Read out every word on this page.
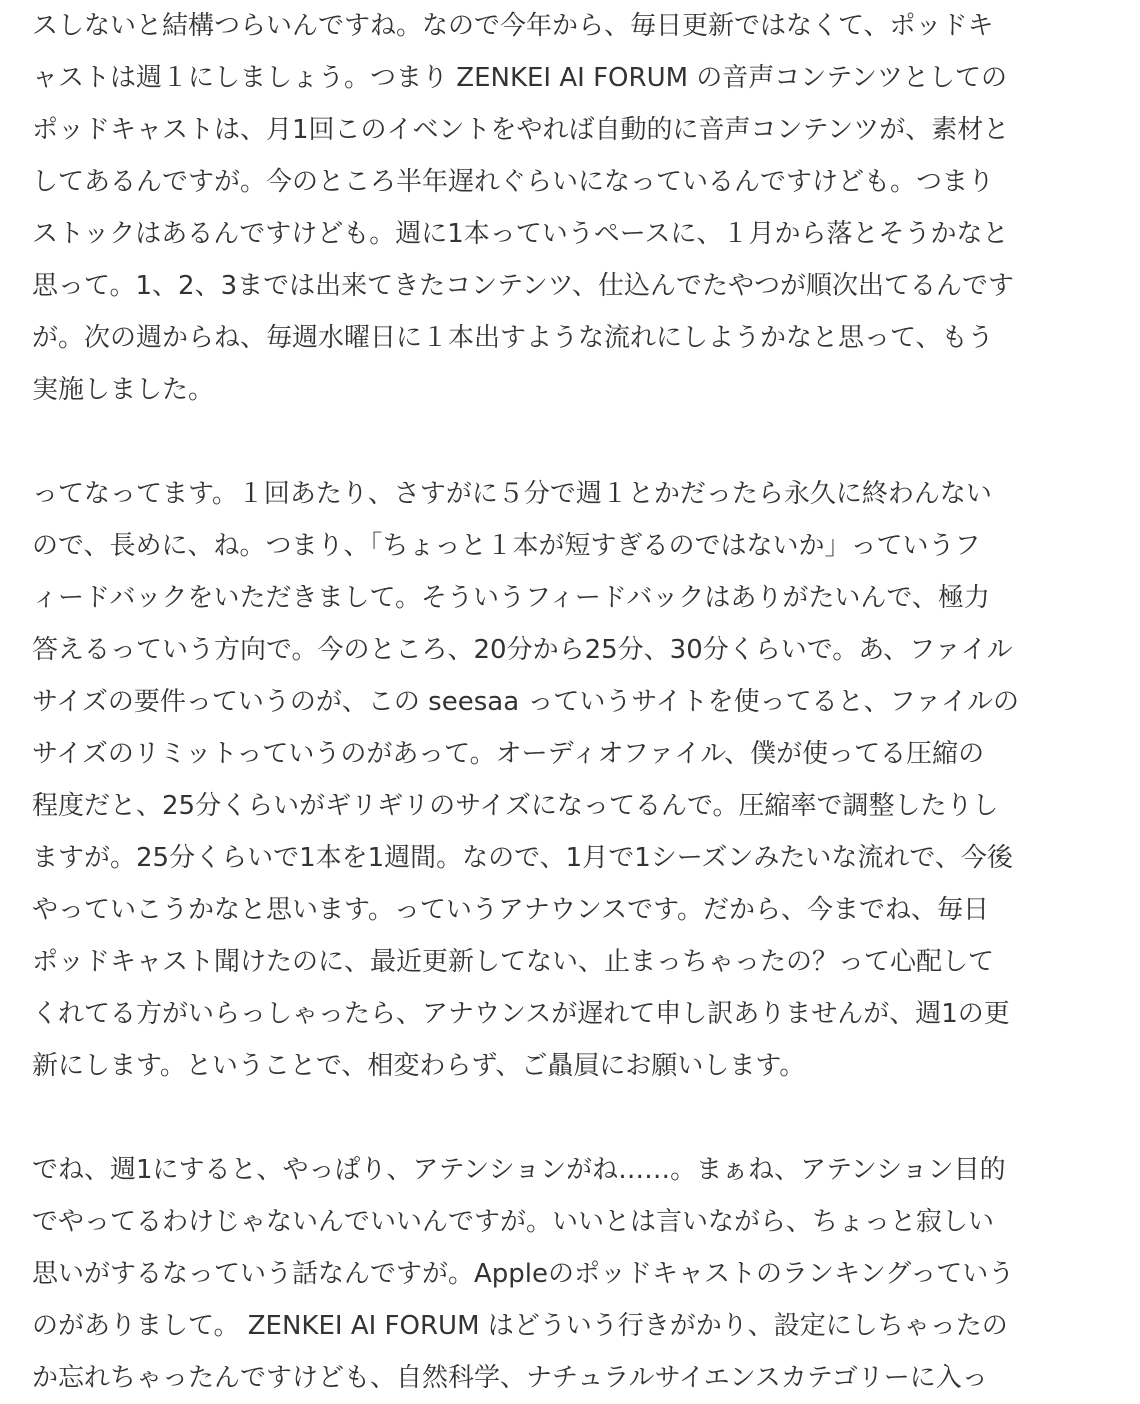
スしないと結構つらいんですね。なので今年から、毎日更新ではなくて、ポッドキ
ャストは週１にしましょう。つまり ZENKEI AI FORUM の音声コンテンツとしての
ポッドキャストは、月1回このイベントをやれば自動的に音声コンテンツが、素材と
してあるんですが。今のところ半年遅れぐらいになっているんですけども。つまり
ストックはあるんですけども。週に1本っていうペースに、１月から落とそうかなと
思って。1、2、3までは出来てきたコンテンツ、仕込んでたやつが順次出てるんです
が。次の週からね、毎週水曜日に１本出すような流れにしようかなと思って、もう
実施しました。

ってなってます。１回あたり、さすがに５分で週１とかだったら永久に終わんない
ので、長めに、ね。つまり、「ちょっと１本が短すぎるのではないか」っていうフ
ィードバックをいただきまして。そういうフィードバックはありがたいんで、極力
答えるっていう方向で。今のところ、20分から25分、30分くらいで。あ、ファイル
サイズの要件っていうのが、この seesaa っていうサイトを使ってると、ファイルの
サイズのリミットっていうのがあって。オーディオファイル、僕が使ってる圧縮の
程度だと、25分くらいがギリギリのサイズになってるんで。圧縮率で調整したりし
ますが。25分くらいで1本を1週間。なので、1月で1シーズンみたいな流れで、今後
やっていこうかなと思います。っていうアナウンスです。だから、今までね、毎日
ポッドキャスト聞けたのに、最近更新してない、止まっちゃったの？って心配して
くれてる方がいらっしゃったら、アナウンスが遅れて申し訳ありませんが、週1の更
新にします。ということで、相変わらず、ご贔屓にお願いします。

でね、週1にすると、やっぱり、アテンションがね……。まぁね、アテンション目的
でやってるわけじゃないんでいいんですが。いいとは言いながら、ちょっと寂しい
思いがするなっていう話なんですが。Appleのポッドキャストのランキングっていう
のがありまして。 ZENKEI AI FORUM はどういう行きがかり、設定にしちゃったの
か忘れちゃったんですけども、自然科学、ナチュラルサイエンスカテゴリーに入っ
